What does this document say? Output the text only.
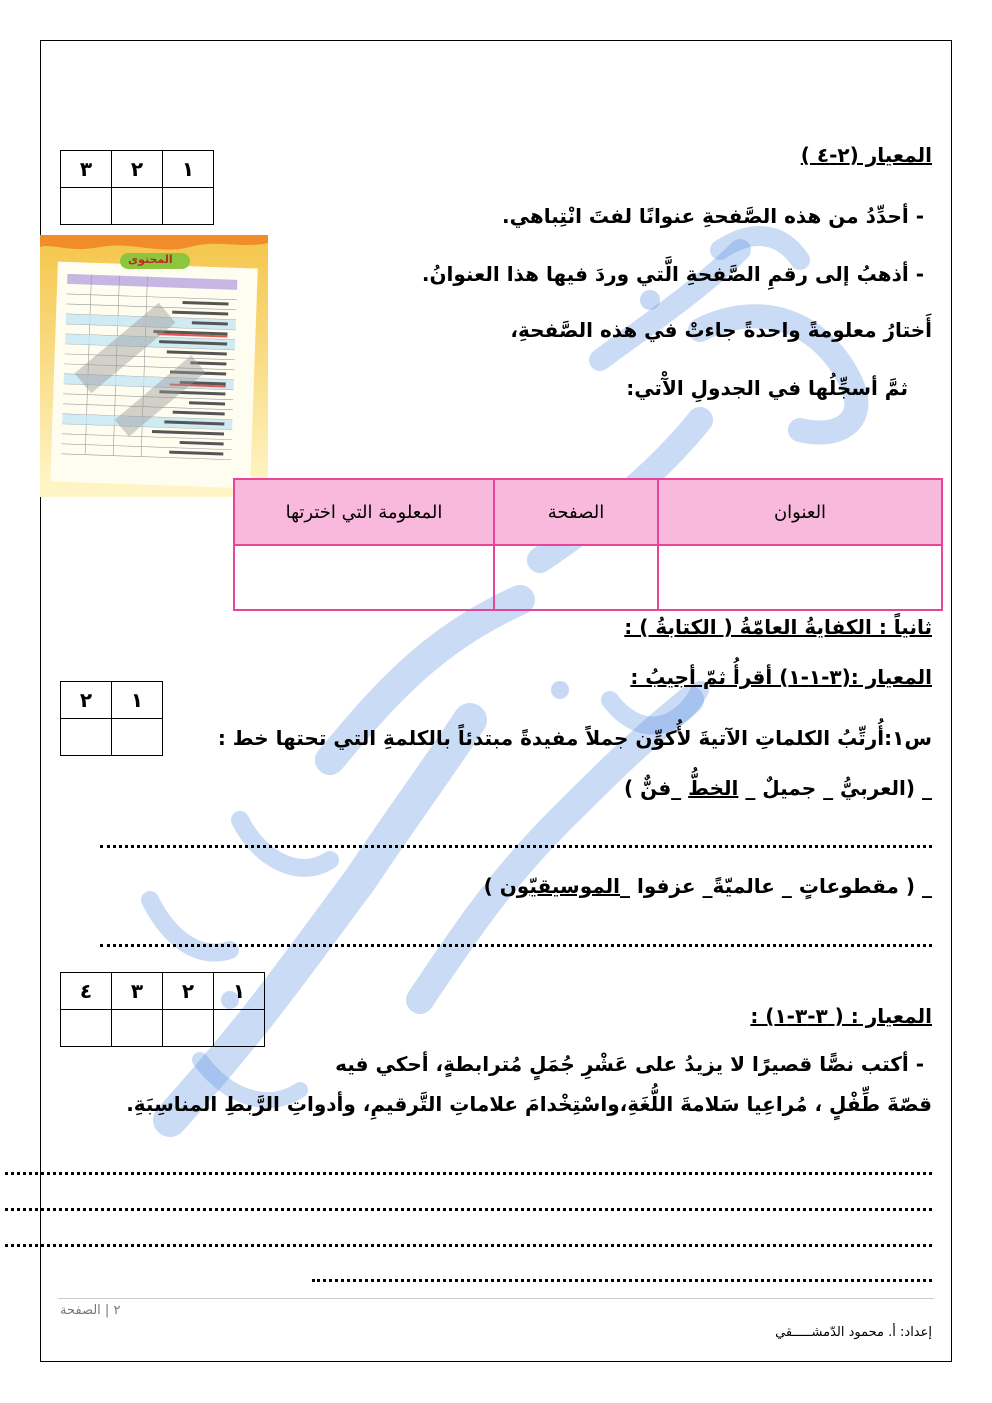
المعيار (٢-٤ )
١	٢	٣

- أحدِّدُ من هذه الصَّفحةِ عنوانًا لفتَ انْتِباهي.
- أذهبُ إلى رقمِ الصَّفحةِ الَّتي وردَ فيها هذا العنوانُ.
أَختارُ معلومةً واحدةً جاءتْ في هذه الصَّفحةِ،
ثمَّ أسجِّلُها في الجدولِ الآْتي:
المحتوى
العنوان	الصفحة	المعلومة التي اخترتها

ثانياً : الكفايةُ العامّةُ ( الكتابةُ ) :
المعيار :(٣-١-١) أقرأُ ثمّ أجيبُ :
١	٢

س١:أُرتِّبُ الكلماتِ الآتيةَ لأُكوِّن جملاً مفيدةً مبتدئاً بالكلمةِ التي تحتها خط :
_ (العربيُّ _ جميلٌ _ الخطُّ _فنٌّ )
_ ( مقطوعاتٍ _ عالميّةً_ عزفوا _الموسيقيّون )
١	٢	٣	٤

المعيار : ( ٣-٣-١) :
- أكتب نصًّا قصيرًا لا يزيدُ على عَشْرِ جُمَلٍ مُترابطةٍ، أحكي فيه
قصّةَ طِّفْلٍ ، مُراعِيا سَلامةَ اللُّغَةِ،واسْتِخْدامَ علاماتِ التَّرقيمِ، وأدواتِ الرَّبطِ المناسِبَةِ.
٢ | الصفحة
إعداد: أ. محمود الدّمشـــــقي
